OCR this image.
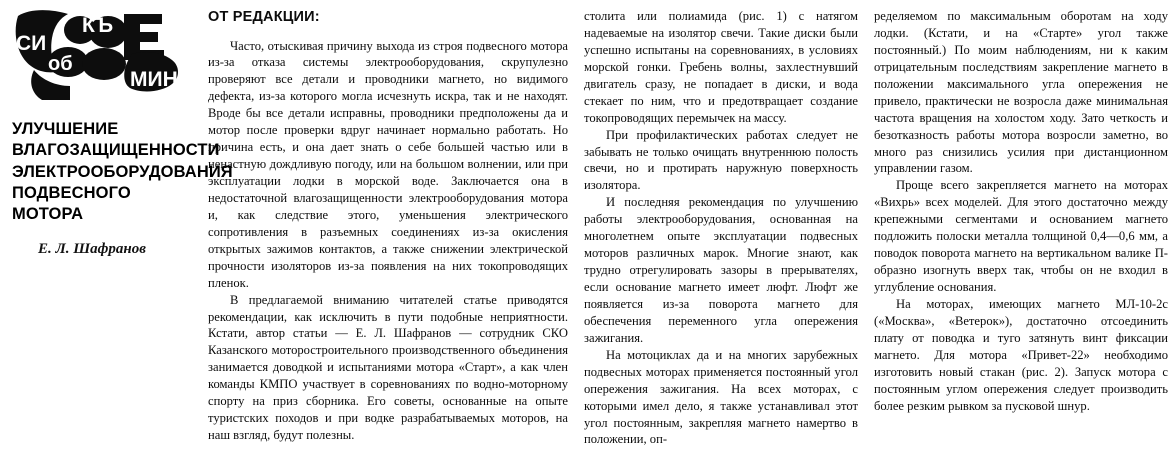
СИ
КЪ
об
МИН
УЛУЧШЕНИЕ ВЛАГОЗАЩИЩЕННОСТИ ЭЛЕКТРООБОРУДОВАНИЯ ПОДВЕСНОГО МОТОРА
Е. Л. Шафранов
ОТ РЕДАКЦИИ:

Часто, отыскивая причину выхода из строя подвесного мотора из-за отказа системы электрооборудования, скрупулезно проверяют все детали и проводники магнето, но видимого дефекта, из-за которого могла исчезнуть искра, так и не находят. Вроде бы все детали исправны, проводники предположены да и мотор после проверки вдруг начинает нормально работать. Но причина есть, и она дает знать о себе большей частью или в ненастную дождливую погоду, или на большом волнении, или при эксплуатации лодки в морской воде. Заключается она в недостаточной влагозащищенности электрооборудования мотора и, как следствие этого, уменьшения электрического сопротивления в разъемных соединениях из-за окисления открытых зажимов контактов, а также снижении электрической прочности изоляторов из-за появления на них токопроводящих пленок.

В предлагаемой вниманию читателей статье приводятся рекомендации, как исключить в пути подобные неприятности. Кстати, автор статьи — Е. Л. Шафранов — сотрудник СКО Казанского моторостроительного производственного объединения занимается доводкой и испытаниями мотора «Старт», а как член команды КМПО участвует в соревнованиях по водно-моторному спорту на приз сборника. Его советы, основанные на опыте туристских походов и при водке разрабатываемых моторов, на наш взгляд, будут полезны.

столита или полиамида (рис. 1) с натягом надеваемые на изолятор свечи. Такие диски были успешно испытаны на соревнованиях, в условиях морской гонки. Гребень волны, захлестнувший двигатель сразу, не попадает в диски, и вода стекает по ним, что и предотвращает создание токопроводящих перемычек на массу.

При профилактических работах следует не забывать не только очищать внутреннюю полость свечи, но и протирать наружную поверхность изолятора.

И последняя рекомендация по улучшению работы электрооборудования, основанная на многолетнем опыте эксплуатации подвесных моторов различных марок. Многие знают, как трудно отрегулировать зазоры в прерывателях, если основание магнето имеет люфт. Люфт же появляется из-за поворота магнето для обеспечения переменного угла опережения зажигания.

На мотоциклах да и на многих зарубежных подвесных моторах применяется постоянный угол опережения зажигания. На всех моторах, с которыми имел дело, я также устанавливал этот угол постоянным, закрепляя магнето намертво в положении, оп-

ределяемом по максимальным оборотам на ходу лодки. (Кстати, и на «Старте» угол также постоянный.) По моим наблюдениям, ни к каким отрицательным последствиям закрепление магнето в положении максимального угла опережения не привело, практически не возросла даже минимальная частота вращения на холостом ходу. Зато четкость и безотказность работы мотора возросли заметно, во много раз снизились усилия при дистанционном управлении газом.

Проще всего закрепляется магнето на моторах «Вихрь» всех моделей. Для этого достаточно между крепежными сегментами и основанием магнето подложить полоски металла толщиной 0,4—0,6 мм, а поводок поворота магнето на вертикальном валике П-образно изогнуть вверх так, чтобы он не входил в углубление основания.

На моторах, имеющих магнето МЛ-10-2с («Москва», «Ветерок»), достаточно отсоединить плату от поводка и туго затянуть винт фиксации магнето. Для мотора «Привет-22» необходимо изготовить новый стакан (рис. 2). Запуск мотора с постоянным углом опережения следует производить более резким рывком за пусковой шнур.
